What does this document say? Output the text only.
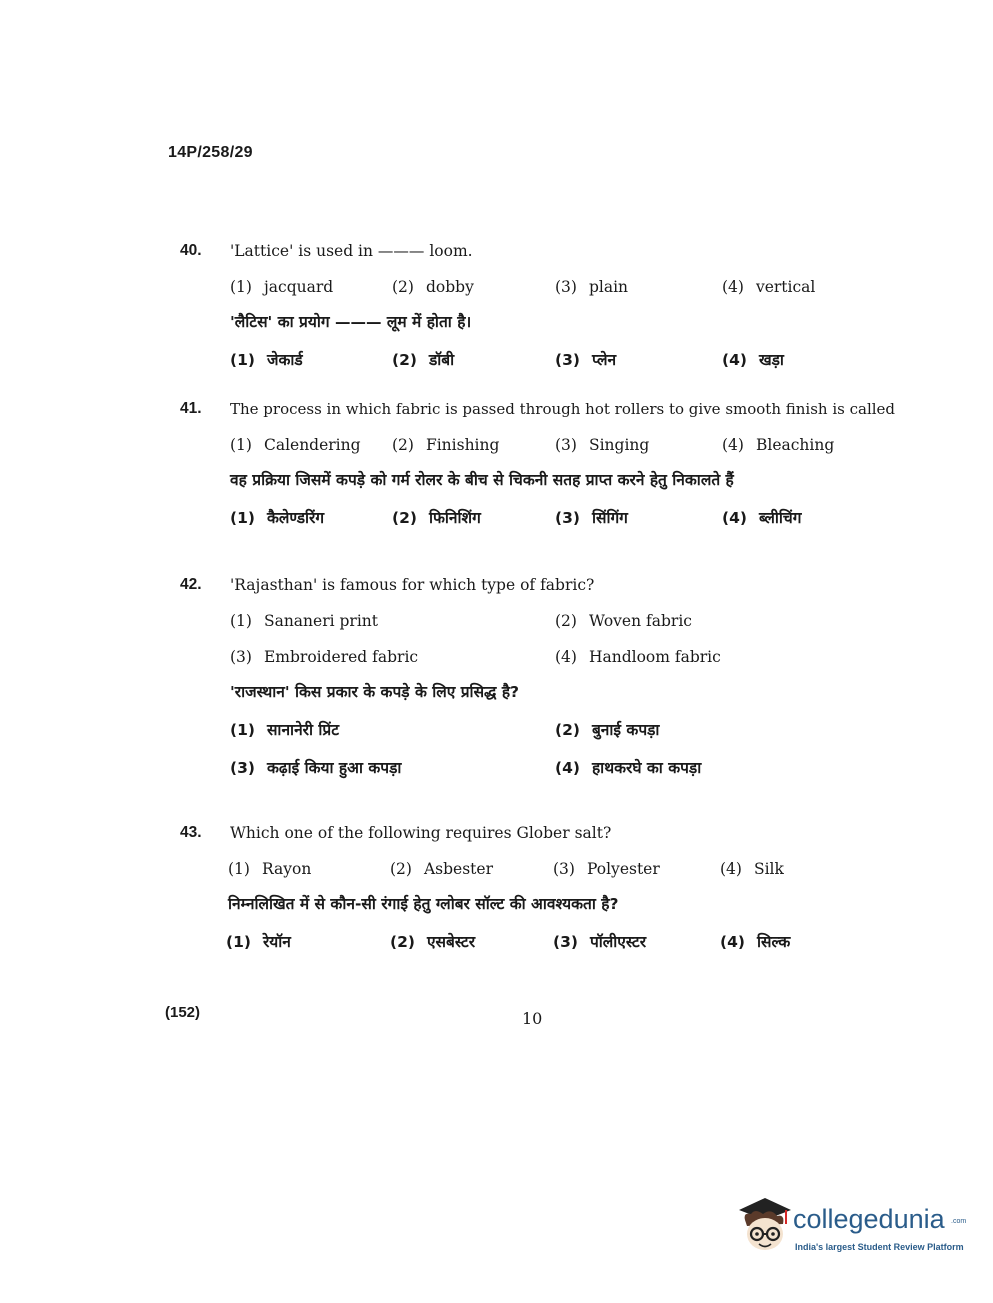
14P/258/29
40. 'Lattice' is used in ——— loom.
(1) jacquard	(2) dobby	(3) plain	(4) vertical
'लैटिस' का प्रयोग ——— लूम में होता है।
(1) जेकार्ड	(2) डॉबी	(3) प्लेन	(4) खड़ा
41. The process in which fabric is passed through hot rollers to give smooth finish is called
(1) Calendering (2) Finishing	(3) Singing	(4) Bleaching
वह प्रक्रिया जिसमें कपड़े को गर्म रोलर के बीच से चिकनी सतह प्राप्त करने हेतु निकालते हैं
(1) कैलेण्डरिंग	(2) फिनिशिंग	(3) सिंगिंग	(4) ब्लीचिंग
42. 'Rajasthan' is famous for which type of fabric?
(1) Sananeri print	(2) Woven fabric
(3) Embroidered fabric	(4) Handloom fabric
'राजस्थान' किस प्रकार के कपड़े के लिए प्रसिद्ध है?
(1) सानानेरी प्रिंट	(2) बुनाई कपड़ा
(3) कढ़ाई किया हुआ कपड़ा	(4) हाथकरघे का कपड़ा
43. Which one of the following requires Glober salt?
(1) Rayon	(2) Asbester	(3) Polyester	(4) Silk
निम्नलिखित में से कौन-सी रंगाई हेतु ग्लोबर सॉल्ट की आवश्यकता है?
(1) रेयॉन	(2) एसबेस्टर	(3) पॉलीएस्टर	(4) सिल्क
(152)	10
collegedunia .com
India's largest Student Review Platform
